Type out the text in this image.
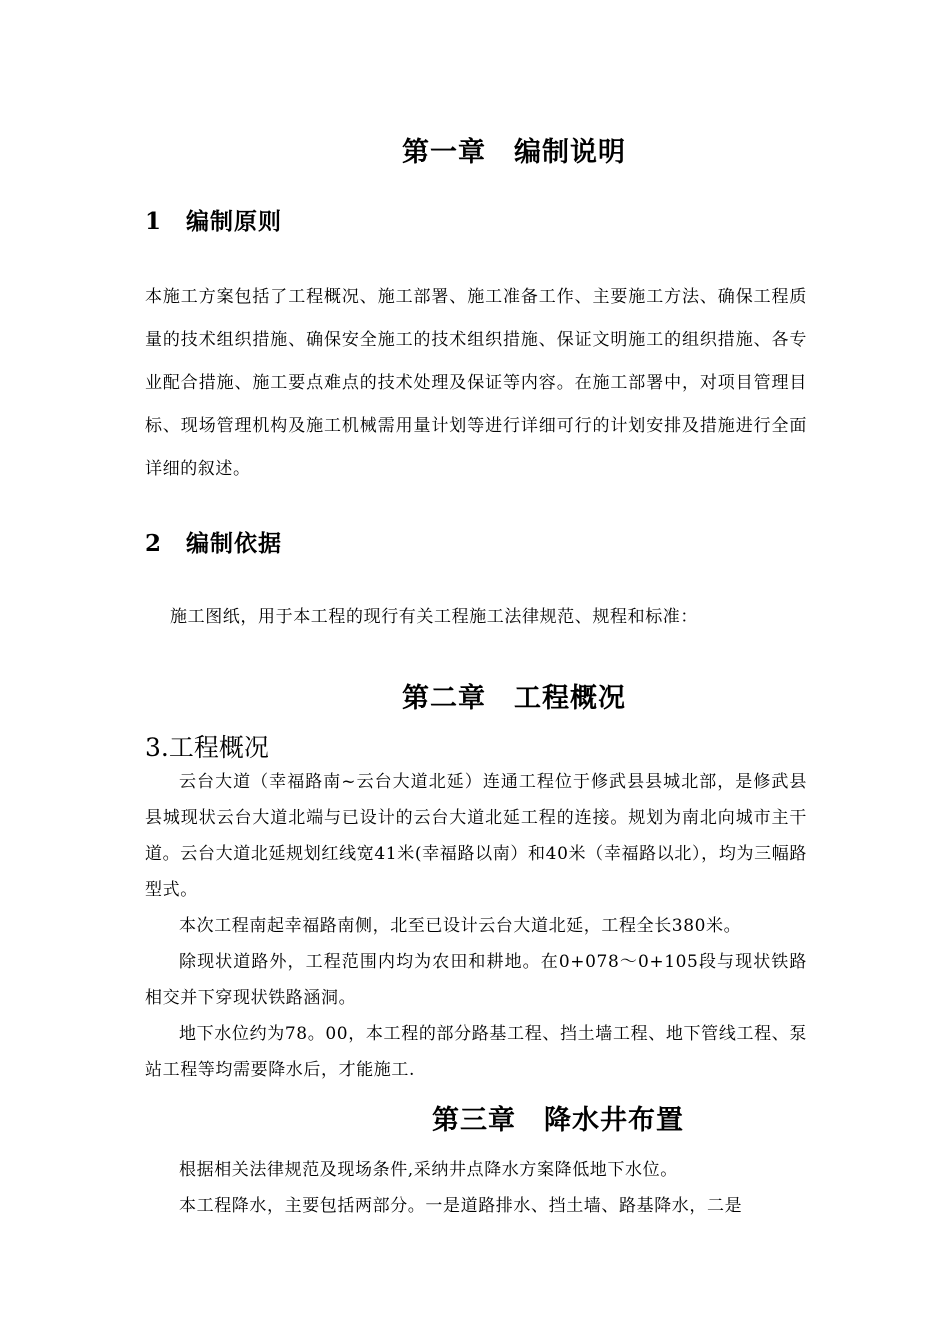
第一章　编制说明
1　编制原则

本施工方案包括了工程概况、施工部署、施工准备工作、主要施工方法、确保工程质量的技术组织措施、确保安全施工的技术组织措施、保证文明施工的组织措施、各专业配合措施、施工要点难点的技术处理及保证等内容。在施工部署中，对项目管理目标、现场管理机构及施工机械需用量计划等进行详细可行的计划安排及措施进行全面详细的叙述。

2　编制依据

施工图纸，用于本工程的现行有关工程施工法律规范、规程和标准：

第二章　工程概况
3.工程概况

云台大道（幸福路南~云台大道北延）连通工程位于修武县县城北部，是修武县县城现状云台大道北端与已设计的云台大道北延工程的连接。规划为南北向城市主干道。云台大道北延规划红线宽41米(幸福路以南）和40米（幸福路以北），均为三幅路型式。

本次工程南起幸福路南侧，北至已设计云台大道北延，工程全长380米。

除现状道路外，工程范围内均为农田和耕地。在0+078～0+105段与现状铁路相交并下穿现状铁路涵洞。

地下水位约为78。00，本工程的部分路基工程、挡土墙工程、地下管线工程、泵站工程等均需要降水后，才能施工.

第三章　降水井布置

根据相关法律规范及现场条件,采纳井点降水方案降低地下水位。

本工程降水，主要包括两部分。一是道路排水、挡土墙、路基降水，二是
